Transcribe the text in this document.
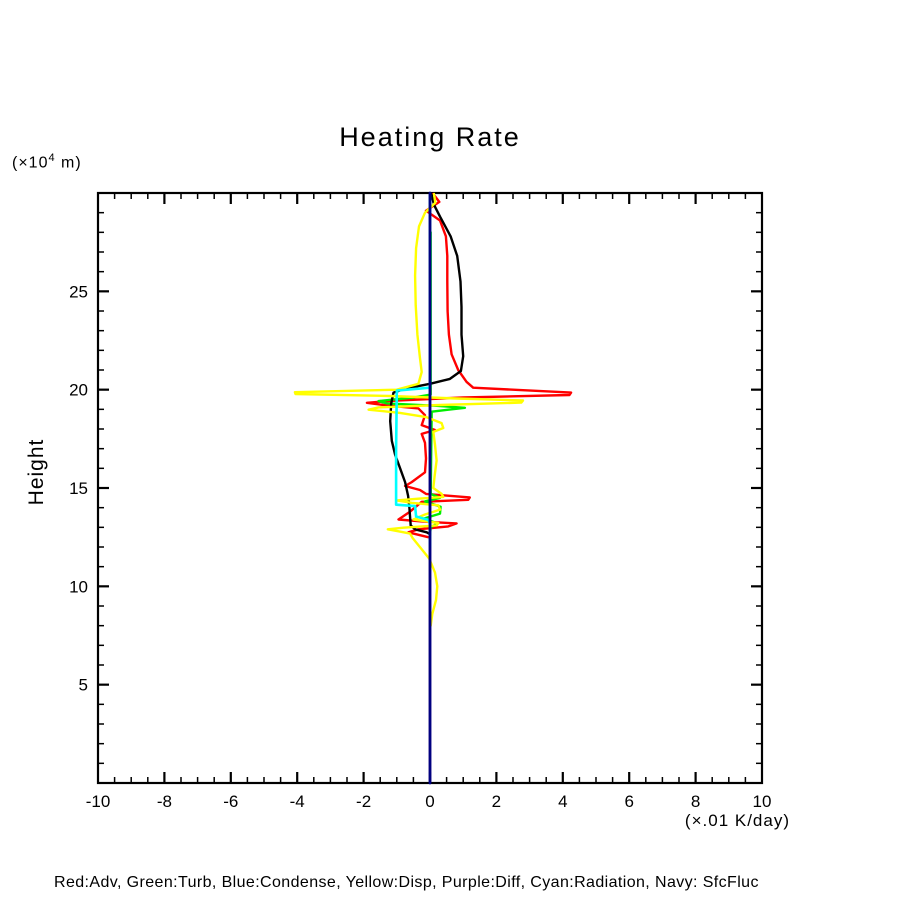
Heating Rate
($\times 10^4$ m)
Height
(×.01 K/day)
Red:Adv, Green:Turb, Blue:Condense, Yellow:Disp, Purple:Diff, Cyan:Radiation, Navy: SfcFluc
-10	-8	-6	-4	-2	0	2	4	6	8	10
5
10
15
20
25
